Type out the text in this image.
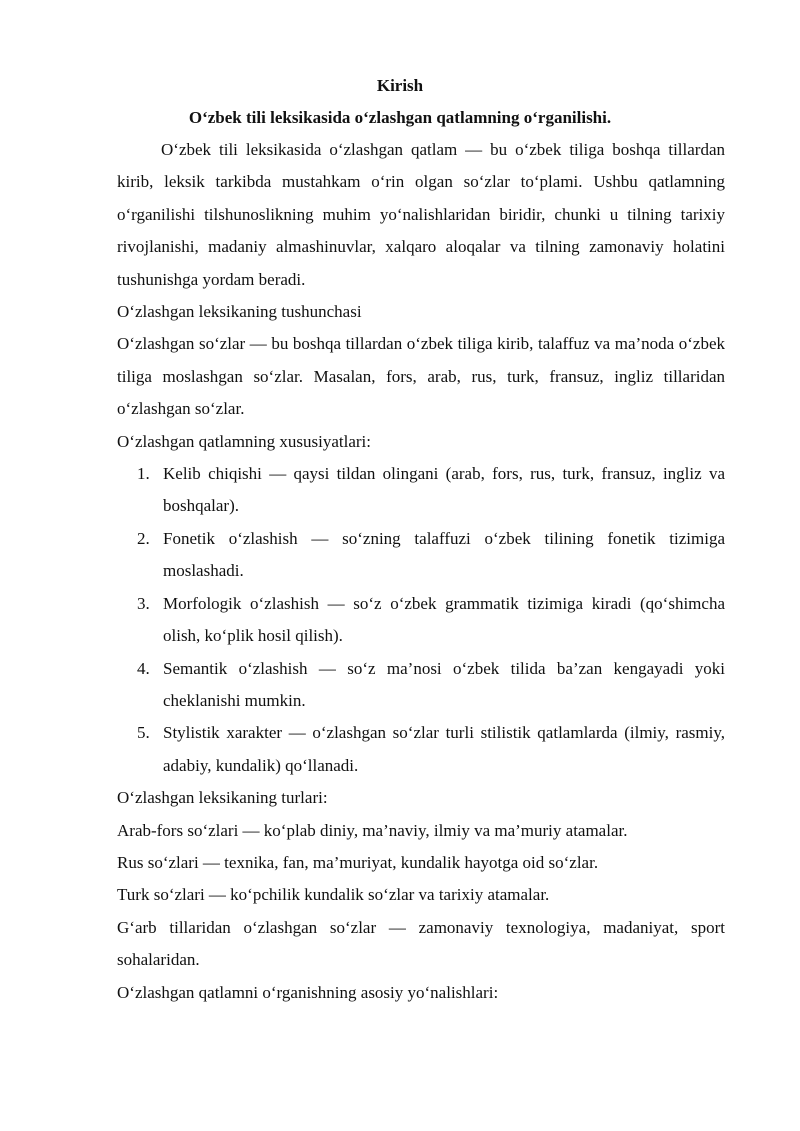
Kirish

O‘zbek tili leksikasida o‘zlashgan qatlamning o‘rganilishi.

O‘zbek tili leksikasida o‘zlashgan qatlam — bu o‘zbek tiliga boshqa tillardan kirib, leksik tarkibda mustahkam o‘rin olgan so‘zlar to‘plami. Ushbu qatlamning o‘rganilishi tilshunoslikning muhim yo‘nalishlaridan biridir, chunki u tilning tarixiy rivojlanishi, madaniy almashinuvlar, xalqaro aloqalar va tilning zamonaviy holatini tushunishga yordam beradi.

O‘zlashgan leksikaning tushunchasi

O‘zlashgan so‘zlar — bu boshqa tillardan o‘zbek tiliga kirib, talaffuz va ma’noda o‘zbek tiliga moslashgan so‘zlar. Masalan, fors, arab, rus, turk, fransuz, ingliz tillaridan o‘zlashgan so‘zlar.

O‘zlashgan qatlamning xususiyatlari:

1. Kelib chiqishi — qaysi tildan olingani (arab, fors, rus, turk, fransuz, ingliz va boshqalar).
2. Fonetik o‘zlashish — so‘zning talaffuzi o‘zbek tilining fonetik tizimiga moslashadi.
3. Morfologik o‘zlashish — so‘z o‘zbek grammatik tizimiga kiradi (qo‘shimcha olish, ko‘plik hosil qilish).
4. Semantik o‘zlashish — so‘z ma’nosi o‘zbek tilida ba’zan kengayadi yoki cheklanishi mumkin.
5. Stylistik xarakter — o‘zlashgan so‘zlar turli stilistik qatlamlarda (ilmiy, rasmiy, adabiy, kundalik) qo‘llanadi.

O‘zlashgan leksikaning turlari:

Arab-fors so‘zlari — ko‘plab diniy, ma’naviy, ilmiy va ma’muriy atamalar.

Rus so‘zlari — texnika, fan, ma’muriyat, kundalik hayotga oid so‘zlar.

Turk so‘zlari — ko‘pchilik kundalik so‘zlar va tarixiy atamalar.

G‘arb tillaridan o‘zlashgan so‘zlar — zamonaviy texnologiya, madaniyat, sport sohalaridan.

O‘zlashgan qatlamni o‘rganishning asosiy yo‘nalishlari:
